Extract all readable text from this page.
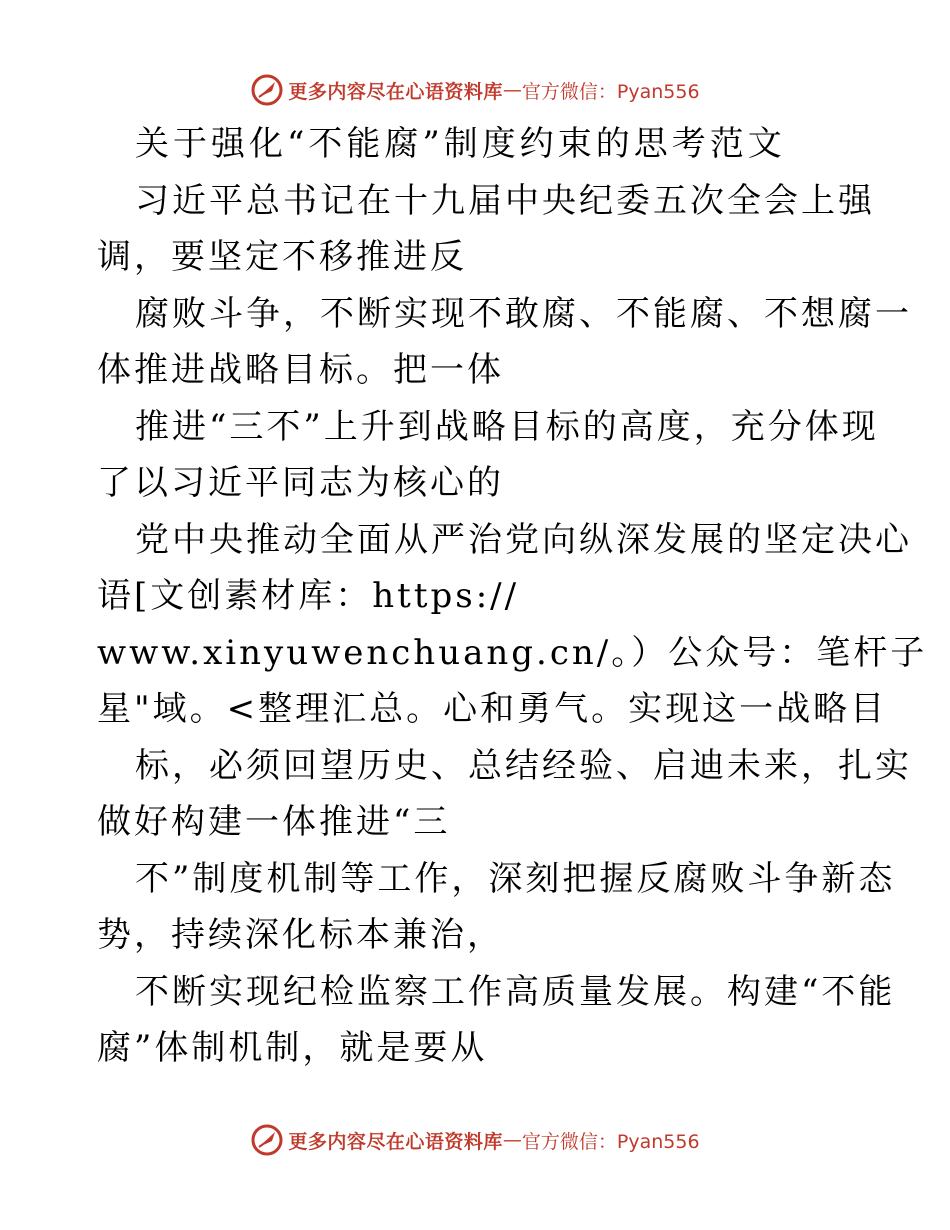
更多内容尽在心语资料库 — 官方微信：Pyan556
关于强化“不能腐”制度约束的思考范文
习近平总书记在十九届中央纪委五次全会上强
调，要坚定不移推进反
腐败斗争，不断实现不敢腐、不能腐、不想腐一
体推进战略目标。把一体
推进“三不”上升到战略目标的高度，充分体现
了以习近平同志为核心的
党中央推动全面从严治党向纵深发展的坚定决心
语[文创素材库：https://
www.xinyuwenchuang.cn/。）公众号：笔杆子
星"域。<整理汇总。心和勇气。实现这一战略目
标，必须回望历史、总结经验、启迪未来，扎实
做好构建一体推进“三
不”制度机制等工作，深刻把握反腐败斗争新态
势，持续深化标本兼治，
不断实现纪检监察工作高质量发展。构建“不能
腐”体制机制，就是要从
更多内容尽在心语资料库 — 官方微信：Pyan556
